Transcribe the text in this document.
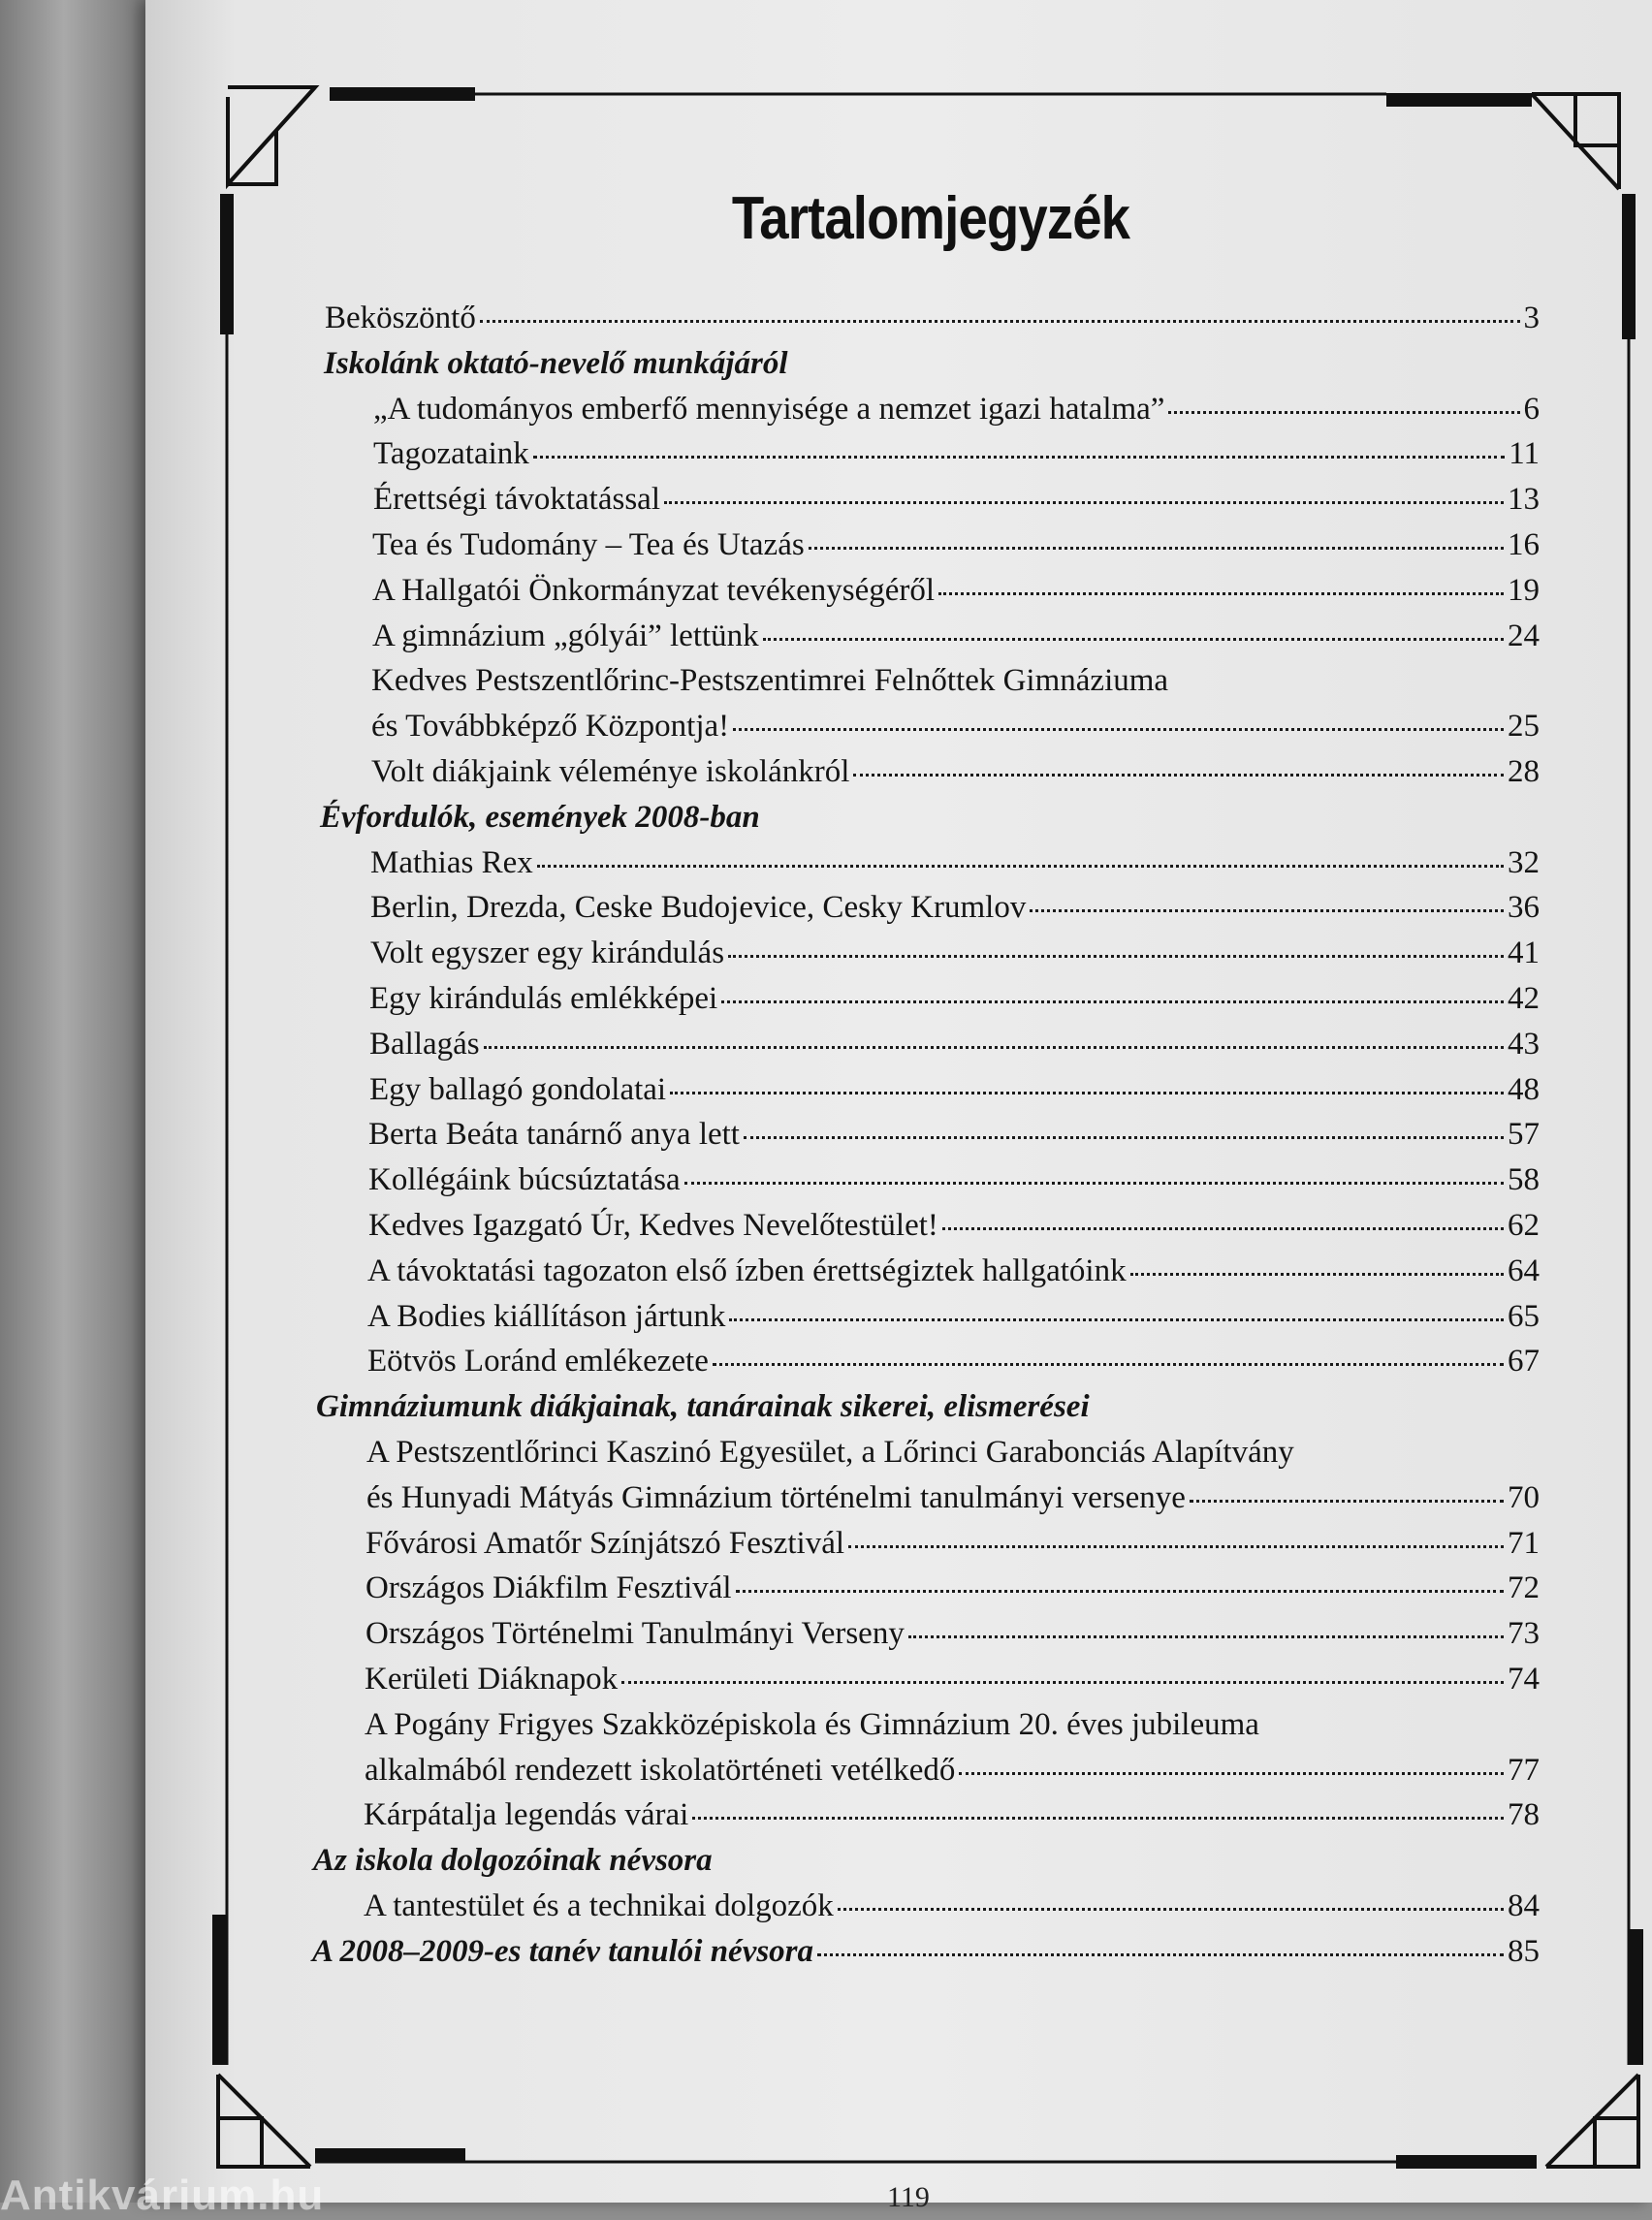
Tartalomjegyzék
Beköszöntő	3
Iskolánk oktató-nevelő munkájáról
„A tudományos emberfő mennyisége a nemzet igazi hatalma”	6
Tagozataink	11
Érettségi távoktatással	13
Tea és Tudomány – Tea és Utazás	16
A Hallgatói Önkormányzat tevékenységéről	19
A gimnázium „gólyái” lettünk	24
Kedves Pestszentlőrinc-Pestszentimrei Felnőttek Gimnáziuma
és Továbbképző Központja!	25
Volt diákjaink véleménye iskolánkról	28
Évfordulók, események 2008-ban
Mathias Rex	32
Berlin, Drezda, Ceske Budojevice, Cesky Krumlov	36
Volt egyszer egy kirándulás	41
Egy kirándulás emlékképei	42
Ballagás	43
Egy ballagó gondolatai	48
Berta Beáta tanárnő anya lett	57
Kollégáink búcsúztatása	58
Kedves Igazgató Úr, Kedves Nevelőtestület!	62
A távoktatási tagozaton első ízben érettségiztek hallgatóink	64
A Bodies kiállításon jártunk	65
Eötvös Loránd emlékezete	67
Gimnáziumunk diákjainak, tanárainak sikerei, elismerései
A Pestszentlőrinci Kaszinó Egyesület, a Lőrinci Garabonciás Alapítvány
és Hunyadi Mátyás Gimnázium történelmi tanulmányi versenye	70
Fővárosi Amatőr Színjátszó Fesztivál	71
Országos Diákfilm Fesztivál	72
Országos Történelmi Tanulmányi Verseny	73
Kerületi Diáknapok	74
A Pogány Frigyes Szakközépiskola és Gimnázium 20. éves jubileuma
alkalmából rendezett iskolatörténeti vetélkedő	77
Kárpátalja legendás várai	78
Az iskola dolgozóinak névsora
A tantestület és a technikai dolgozók	84
A 2008–2009-es tanév tanulói névsora	85
119
Antikvárium.hu
